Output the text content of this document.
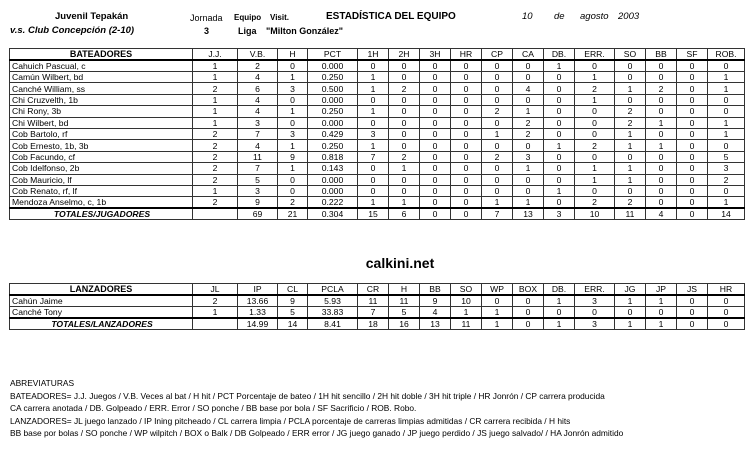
Juvenil Tepakán
v.s. Club Concepción (2-10)
Jornada
3
Equipo Visit.
Liga "Milton González"
ESTADÍSTICA DEL EQUIPO	10 de agosto 2003
BATEADORES	J.J.	V.B.	H	PCT	1H	2H	3H	HR	CP	CA	DB.	ERR.	SO	BB	SF	ROB.
Cahuich Pascual, c	1	2	0	0.000	0	0	0	0	0	0	1	0	0	0	0	0
Camún Wilbert, bd	1	4	1	0.250	1	0	0	0	0	0	0	1	0	0	0	1
Canché William, ss	2	6	3	0.500	1	2	0	0	0	4	0	2	1	2	0	1
Chi Cruzvelth, 1b	1	4	0	0.000	0	0	0	0	0	0	0	1	0	0	0	0
Chi Rony, 3b	1	4	1	0.250	1	0	0	0	2	1	0	0	2	0	0	0
Chi Wilbert, bd	1	3	0	0.000	0	0	0	0	0	2	0	0	2	1	0	1
Cob Bartolo, rf	2	7	3	0.429	3	0	0	0	1	2	0	0	1	0	0	1
Cob Ernesto, 1b, 3b	2	4	1	0.250	1	0	0	0	0	0	1	2	1	1	0	0
Cob Facundo, cf	2	11	9	0.818	7	2	0	0	2	3	0	0	0	0	0	5
Cob Idelfonso, 2b	2	7	1	0.143	0	1	0	0	0	1	0	1	1	0	0	3
Cob Mauricio, lf	2	5	0	0.000	0	0	0	0	0	0	0	1	1	0	0	2
Cob Renato, rf, lf	1	3	0	0.000	0	0	0	0	0	0	1	0	0	0	0	0
Mendoza Anselmo, c, 1b	2	9	2	0.222	1	1	0	0	1	1	0	2	2	0	0	1
TOTALES/JUGADORES		69	21	0.304	15	6	0	0	7	13	3	10	11	4	0	14
calkini.net
LANZADORES	JL	IP	CL	PCLA	CR	H	BB	SO	WP	BOX	DB.	ERR.	JG	JP	JS	HR
Cahún Jaime	2	13.66	9	5.93	11	11	9	10	0	0	1	3	1	1	0	0
Canché Tony	1	1.33	5	33.83	7	5	4	1	1	0	0	0	0	0	0	0
TOTALES/LANZADORES		14.99	14	8.41	18	16	13	11	1	0	1	3	1	1	0	0
ABREVIATURAS
BATEADORES= J.J. Juegos / V.B. Veces al bat / H hit / PCT Porcentaje de bateo / 1H hit sencillo / 2H hit doble / 3H hit triple / HR Jonrón / CP carrera producida
CA carrera anotada / DB. Golpeado / ERR. Error / SO ponche / BB base por bola / SF Sacrificio / ROB. Robo.
LANZADORES= JL juego lanzado / IP Ining pitcheado / CL carrera limpia / PCLA porcentaje de carreras limpias admitidas / CR carrera recibida / H hits
BB base por bolas / SO ponche / WP wilpitch / BOX o Balk / DB Golpeado / ERR error / JG juego ganado / JP juego perdido / JS juego salvado/ / HA Jonrón admitido
